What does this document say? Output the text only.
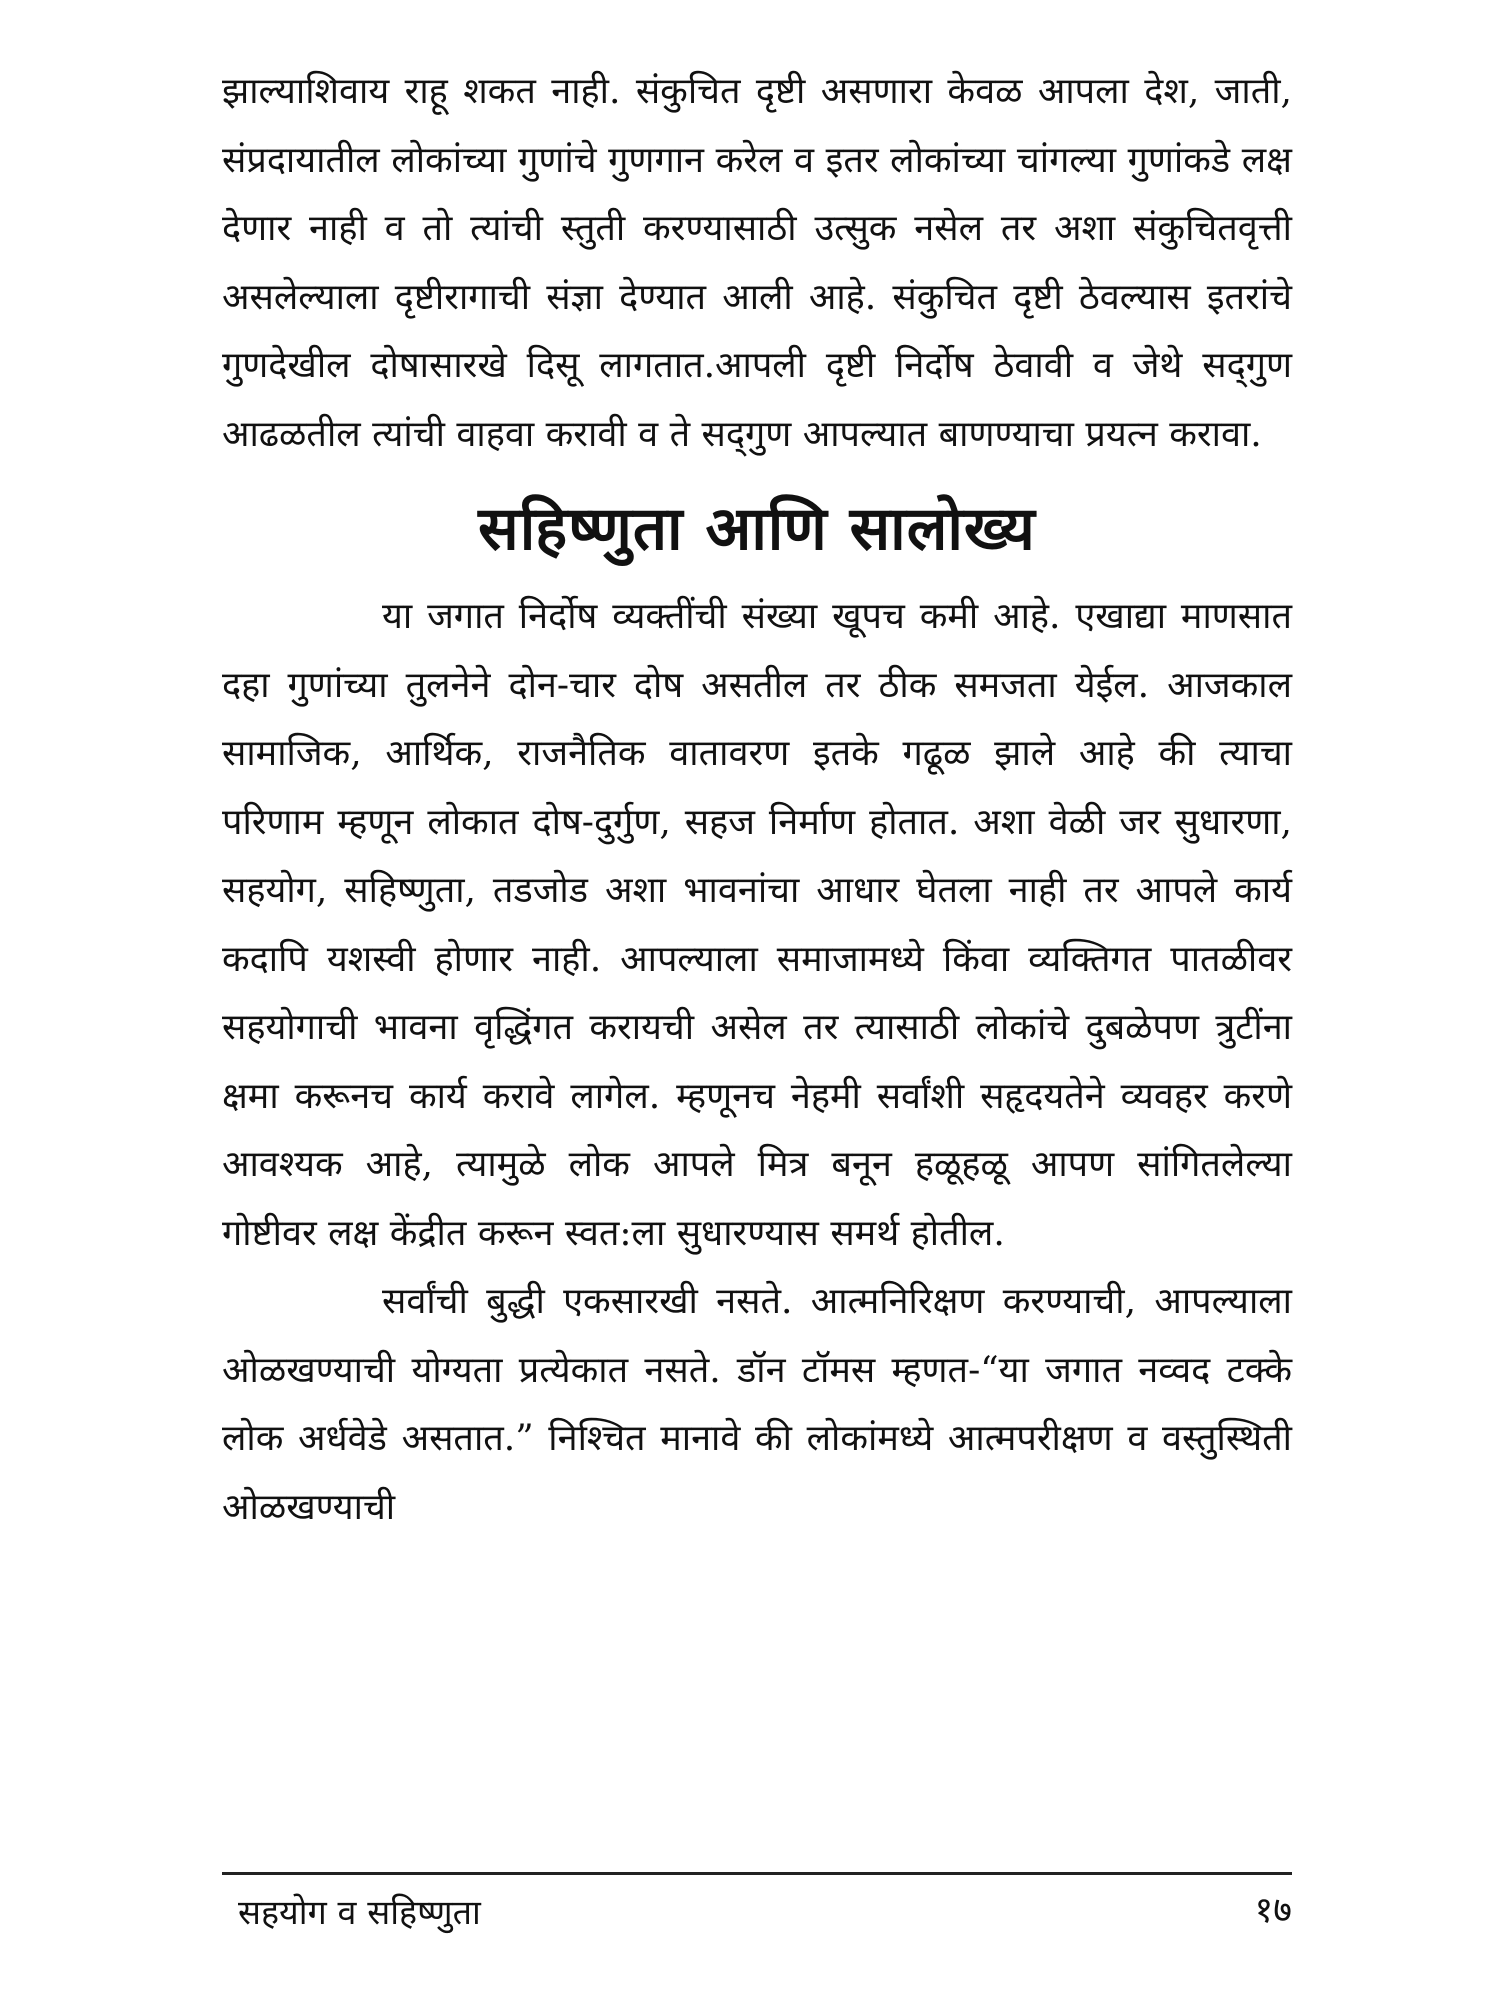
झाल्याशिवाय राहू शकत नाही. संकुचित दृष्टी असणारा केवळ आपला देश, जाती, संप्रदायातील लोकांच्या गुणांचे गुणगान करेल व इतर लोकांच्या चांगल्या गुणांकडे लक्ष देणार नाही व तो त्यांची स्तुती करण्यासाठी उत्सुक नसेल तर अशा संकुचितवृत्ती असलेल्याला दृष्टीरागाची संज्ञा देण्यात आली आहे. संकुचित दृष्टी ठेवल्यास इतरांचे गुणदेखील दोषासारखे दिसू लागतात.आपली दृष्टी निर्दोष ठेवावी व जेथे सद्‌गुण आढळतील त्यांची वाहवा करावी व ते सद्‌गुण आपल्यात बाणण्याचा प्रयत्न करावा.

सहिष्णुता आणि सालोख्य

या जगात निर्दोष व्यक्तींची संख्या खूपच कमी आहे. एखाद्या माणसात दहा गुणांच्या तुलनेने दोन-चार दोष असतील तर ठीक समजता येईल. आजकाल सामाजिक, आर्थिक, राजनैतिक वातावरण इतके गढूळ झाले आहे की त्याचा परिणाम म्हणून लोकात दोष-दुर्गुण, सहज निर्माण होतात. अशा वेळी जर सुधारणा, सहयोग, सहिष्णुता, तडजोड अशा भावनांचा आधार घेतला नाही तर आपले कार्य कदापि यशस्वी होणार नाही. आपल्याला समाजामध्ये किंवा व्यक्तिगत पातळीवर सहयोगाची भावना वृद्धिंगत करायची असेल तर त्यासाठी लोकांचे दुबळेपण त्रुटींना क्षमा करूनच कार्य करावे लागेल. म्हणूनच नेहमी सर्वांशी सहृदयतेने व्यवहर करणे आवश्यक आहे, त्यामुळे लोक आपले मित्र बनून हळूहळू आपण सांगितलेल्या गोष्टीवर लक्ष केंद्रीत करून स्वत:ला सुधारण्यास समर्थ होतील.

सर्वांची बुद्धी एकसारखी नसते. आत्मनिरिक्षण करण्याची, आपल्याला ओळखण्याची योग्यता प्रत्येकात नसते. डॉन टॉमस म्हणत-“या जगात नव्वद टक्के लोक अर्धवेडे असतात.” निश्चित मानावे की लोकांमध्ये आत्मपरीक्षण व वस्तुस्थिती ओळखण्याची

सहयोग व सहिष्णुता	१७
